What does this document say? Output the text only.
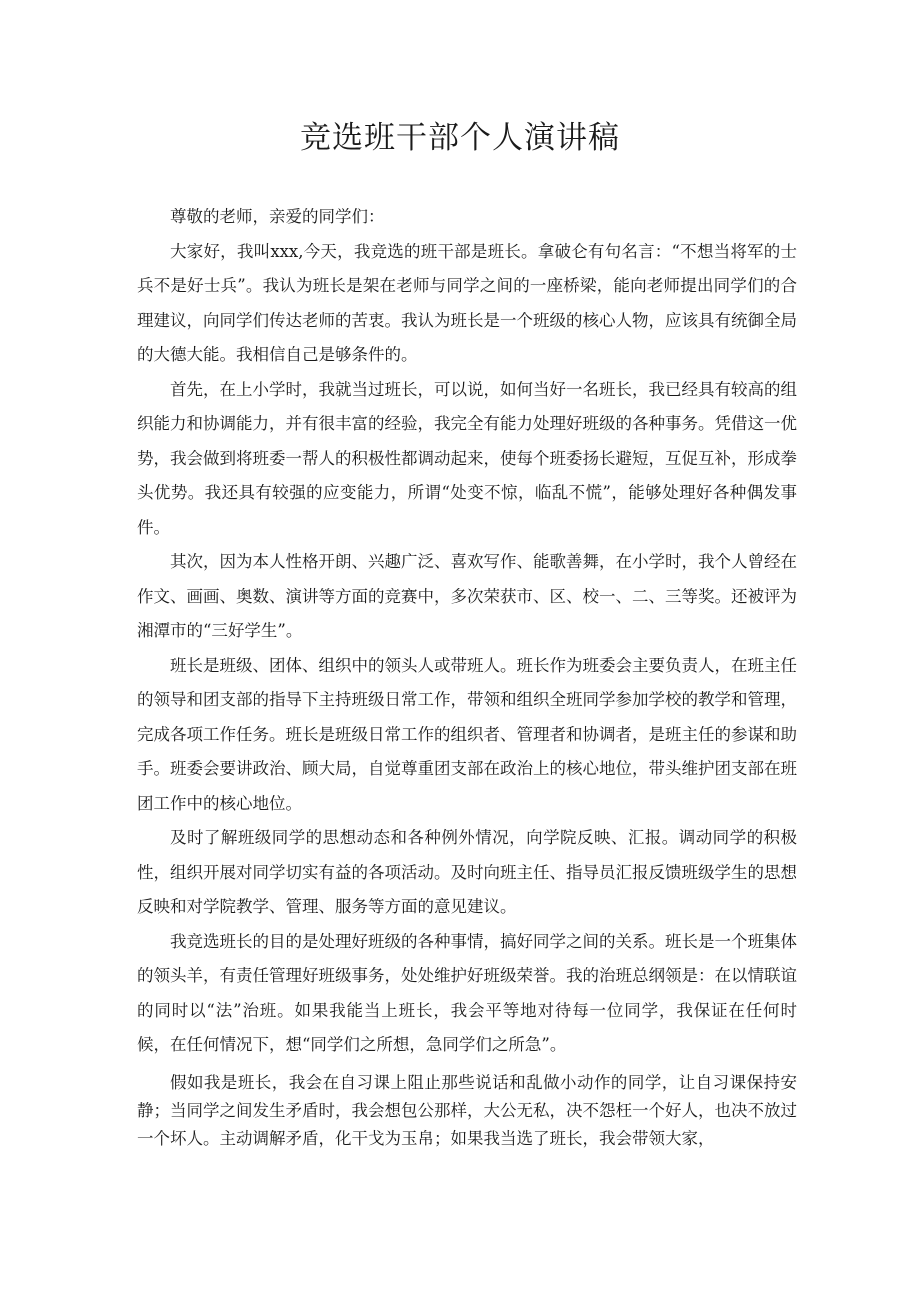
竞选班干部个人演讲稿

尊敬的老师，亲爱的同学们：

大家好，我叫xxx,今天，我竞选的班干部是班长。拿破仑有句名言：“不想当将军的士兵不是好士兵”。我认为班长是架在老师与同学之间的一座桥梁，能向老师提出同学们的合理建议，向同学们传达老师的苦衷。我认为班长是一个班级的核心人物，应该具有统御全局的大德大能。我相信自己是够条件的。

首先，在上小学时，我就当过班长，可以说，如何当好一名班长，我已经具有较高的组织能力和协调能力，并有很丰富的经验，我完全有能力处理好班级的各种事务。凭借这一优势，我会做到将班委一帮人的积极性都调动起来，使每个班委扬长避短，互促互补，形成拳头优势。我还具有较强的应变能力，所谓“处变不惊，临乱不慌”，能够处理好各种偶发事件。

其次，因为本人性格开朗、兴趣广泛、喜欢写作、能歌善舞，在小学时，我个人曾经在作文、画画、奥数、演讲等方面的竞赛中，多次荣获市、区、校一、二、三等奖。还被评为湘潭市的“三好学生”。

班长是班级、团体、组织中的领头人或带班人。班长作为班委会主要负责人，在班主任的领导和团支部的指导下主持班级日常工作，带领和组织全班同学参加学校的教学和管理，完成各项工作任务。班长是班级日常工作的组织者、管理者和协调者，是班主任的参谋和助手。班委会要讲政治、顾大局，自觉尊重团支部在政治上的核心地位，带头维护团支部在班团工作中的核心地位。

及时了解班级同学的思想动态和各种例外情况，向学院反映、汇报。调动同学的积极性，组织开展对同学切实有益的各项活动。及时向班主任、指导员汇报反馈班级学生的思想反映和对学院教学、管理、服务等方面的意见建议。

我竞选班长的目的是处理好班级的各种事情，搞好同学之间的关系。班长是一个班集体的领头羊，有责任管理好班级事务，处处维护好班级荣誉。我的治班总纲领是：在以情联谊的同时以“法”治班。如果我能当上班长，我会平等地对待每一位同学，我保证在任何时候，在任何情况下，想“同学们之所想，急同学们之所急”。

假如我是班长，我会在自习课上阻止那些说话和乱做小动作的同学，让自习课保持安静；当同学之间发生矛盾时，我会想包公那样，大公无私，决不怨枉一个好人，也决不放过一个坏人。主动调解矛盾，化干戈为玉帛；如果我当选了班长，我会带领大家，
